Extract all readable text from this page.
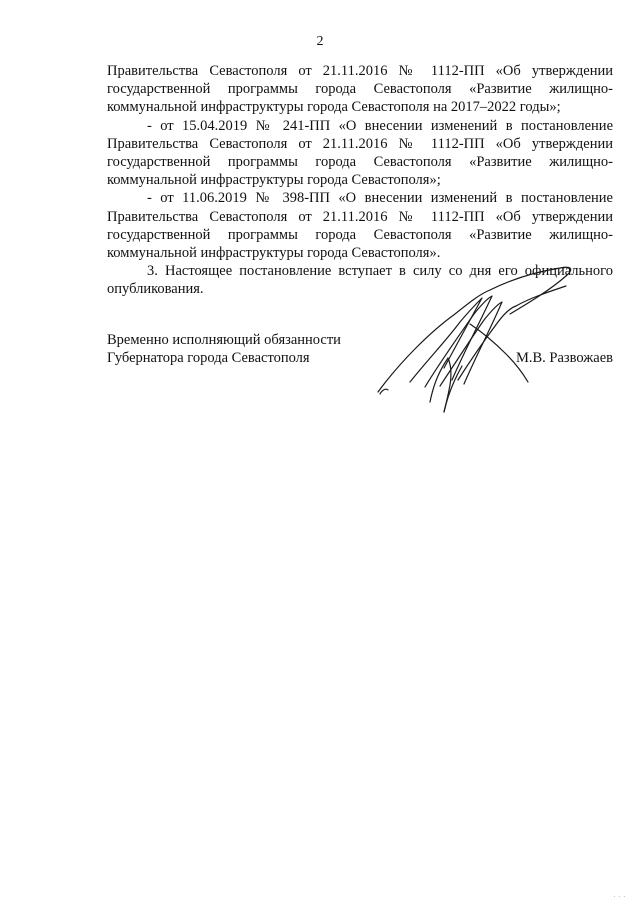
2

Правительства Севастополя от 21.11.2016 № 1112-ПП «Об утверждении государственной программы города Севастополя «Развитие жилищно-коммунальной инфраструктуры города Севастополя на 2017–2022 годы»;

- от 15.04.2019 № 241-ПП «О внесении изменений в постановление Правительства Севастополя от 21.11.2016 № 1112-ПП «Об утверждении государственной программы города Севастополя «Развитие жилищно-коммунальной инфраструктуры города Севастополя»;

- от 11.06.2019 № 398-ПП «О внесении изменений в постановление Правительства Севастополя от 21.11.2016 № 1112-ПП «Об утверждении государственной программы города Севастополя «Развитие жилищно-коммунальной инфраструктуры города Севастополя».

3. Настоящее постановление вступает в силу со дня его официального опубликования.

Временно исполняющий обязанности
Губернатора города Севастополя	М.В. Развожаев
. . .
